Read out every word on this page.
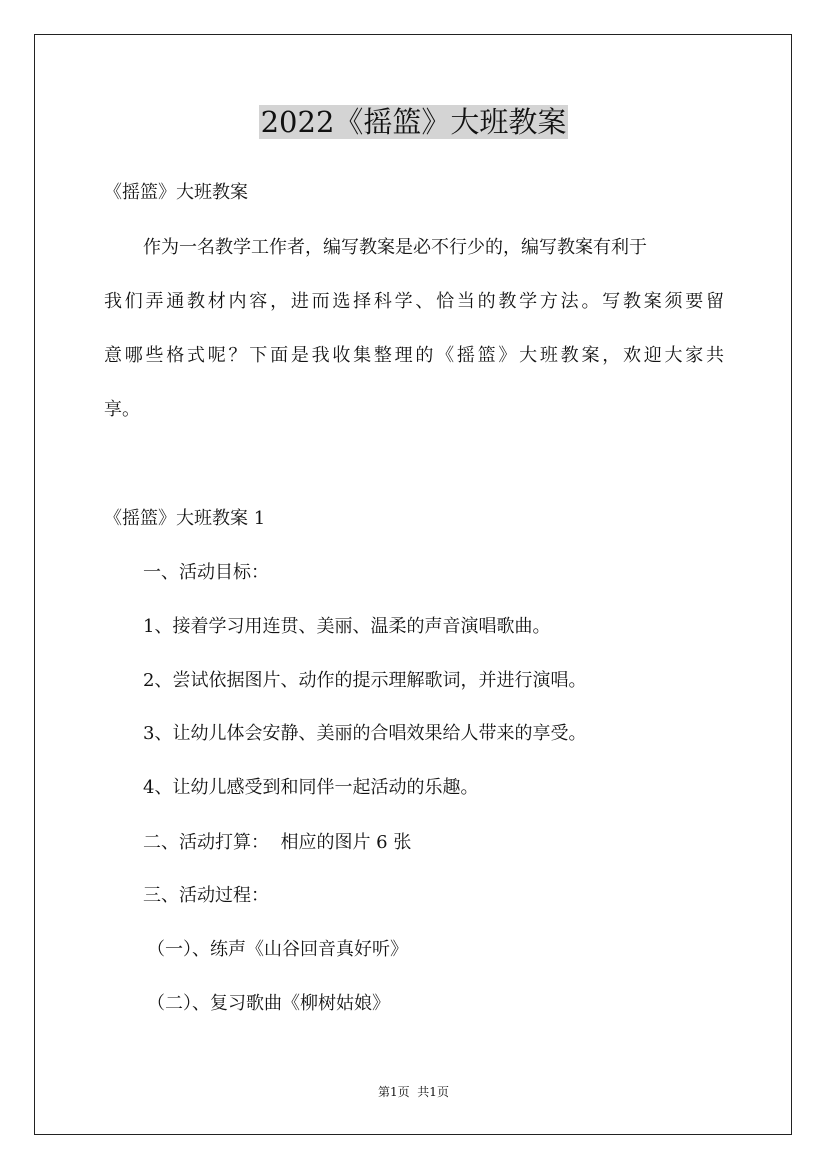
2022《摇篮》大班教案

《摇篮》大班教案

作为一名教学工作者，编写教案是必不行少的，编写教案有利于

我们弄通教材内容，进而选择科学、恰当的教学方法。写教案须要留

意哪些格式呢？下面是我收集整理的《摇篮》大班教案，欢迎大家共

享。

《摇篮》大班教案 1

一、活动目标：

1、接着学习用连贯、美丽、温柔的声音演唱歌曲。

2、尝试依据图片、动作的提示理解歌词，并进行演唱。

3、让幼儿体会安静、美丽的合唱效果给人带来的享受。

4、让幼儿感受到和同伴一起活动的乐趣。

二、活动打算：  相应的图片 6 张

三、活动过程：

（一）、练声《山谷回音真好听》

（二）、复习歌曲《柳树姑娘》

第1页  共1页
